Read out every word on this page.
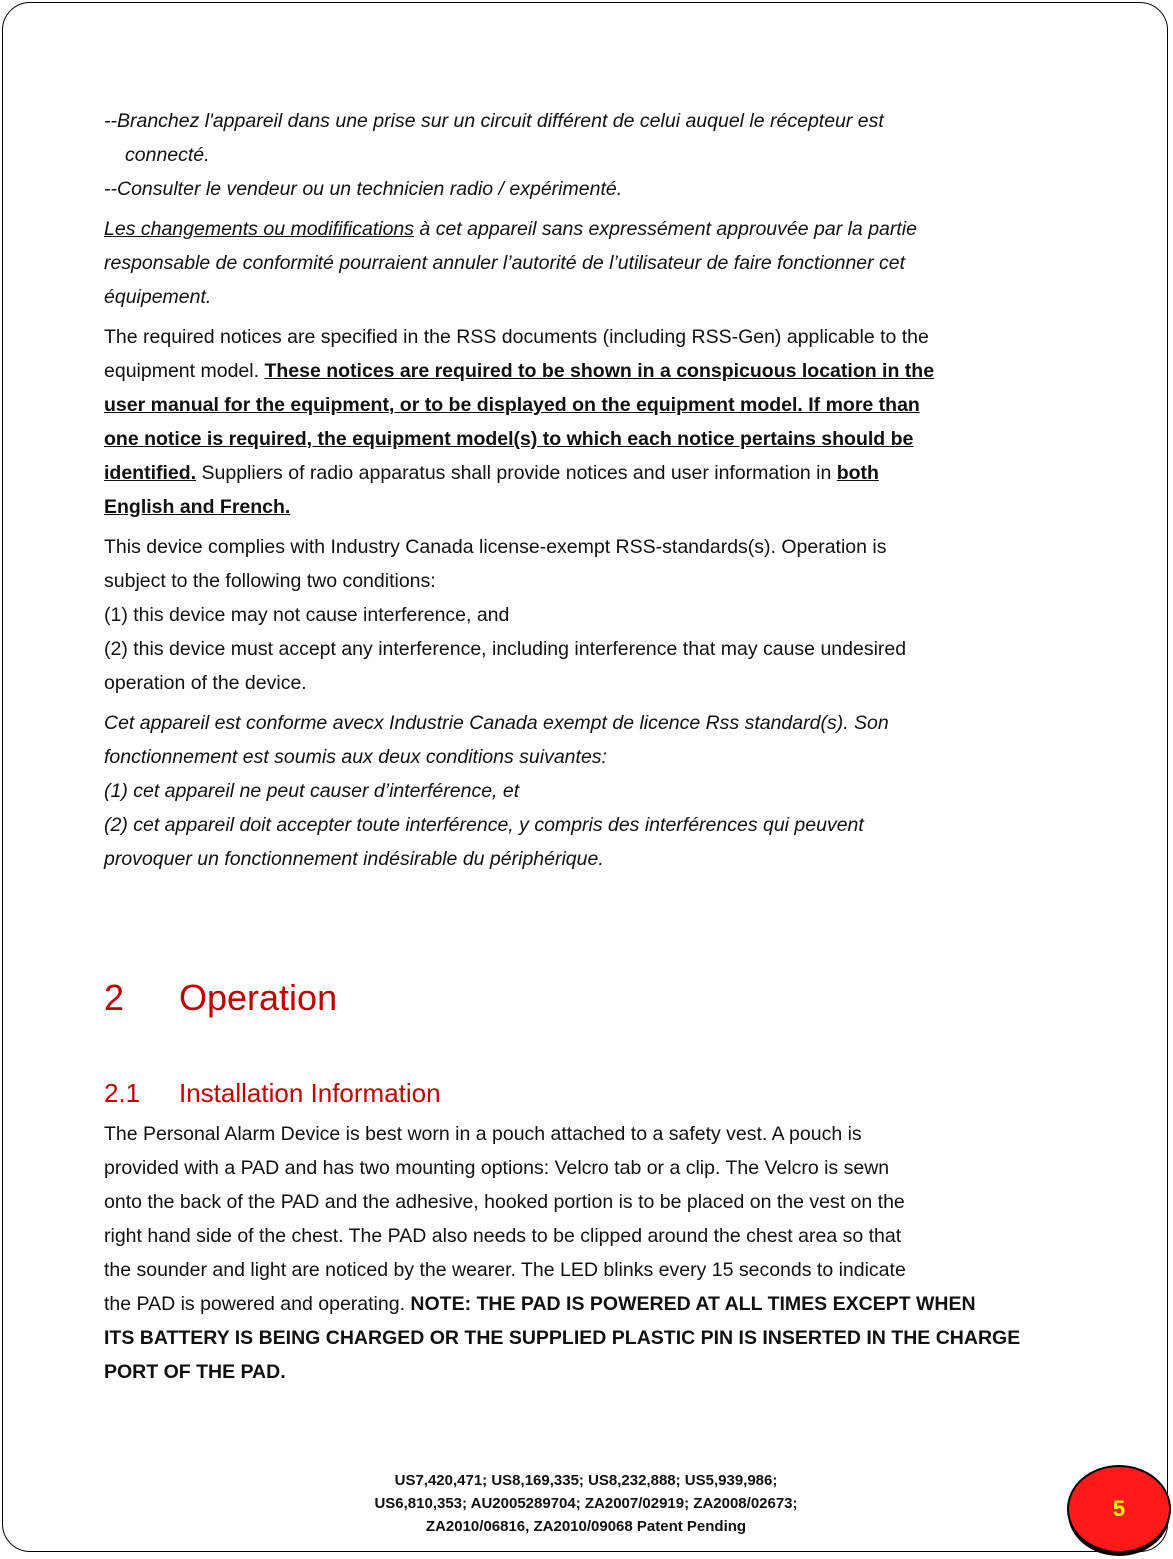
--Branchez l'appareil dans une prise sur un circuit différent de celui auquel le récepteur est

connecté.

--Consulter le vendeur ou un technicien radio / expérimenté.

Les changements ou modififications à cet appareil sans expressément approuvée par la partie

responsable de conformité pourraient annuler l’autorité de l’utilisateur de faire fonctionner cet

équipement.

The required notices are specified in the RSS documents (including RSS-Gen) applicable to the

equipment model. These notices are required to be shown in a conspicuous location in the

user manual for the equipment, or to be displayed on the equipment model. If more than

one notice is required, the equipment model(s) to which each notice pertains should be

identified. Suppliers of radio apparatus shall provide notices and user information in both

English and French.

This device complies with Industry Canada license-exempt RSS-standards(s). Operation is

subject to the following two conditions:

(1) this device may not cause interference, and

(2) this device must accept any interference, including interference that may cause undesired

operation of the device.

Cet appareil est conforme avecx Industrie Canada exempt de licence Rss standard(s). Son

fonctionnement est soumis aux deux conditions suivantes:

(1) cet appareil ne peut causer d’interférence, et

(2) cet appareil doit accepter toute interférence, y compris des interférences qui peuvent

provoquer un fonctionnement indésirable du périphérique.

2 Operation
2.1 Installation Information

The Personal Alarm Device is best worn in a pouch attached to a safety vest. A pouch is

provided with a PAD and has two mounting options: Velcro tab or a clip. The Velcro is sewn

onto the back of the PAD and the adhesive, hooked portion is to be placed on the vest on the

right hand side of the chest. The PAD also needs to be clipped around the chest area so that

the sounder and light are noticed by the wearer. The LED blinks every 15 seconds to indicate

the PAD is powered and operating. NOTE: THE PAD IS POWERED AT ALL TIMES EXCEPT WHEN

ITS BATTERY IS BEING CHARGED OR THE SUPPLIED PLASTIC PIN IS INSERTED IN THE CHARGE

PORT OF THE PAD.

US7,420,471; US8,169,335; US8,232,888; US5,939,986;
US6,810,353; AU2005289704; ZA2007/02919; ZA2008/02673;
ZA2010/06816, ZA2010/09068 Patent Pending
5
